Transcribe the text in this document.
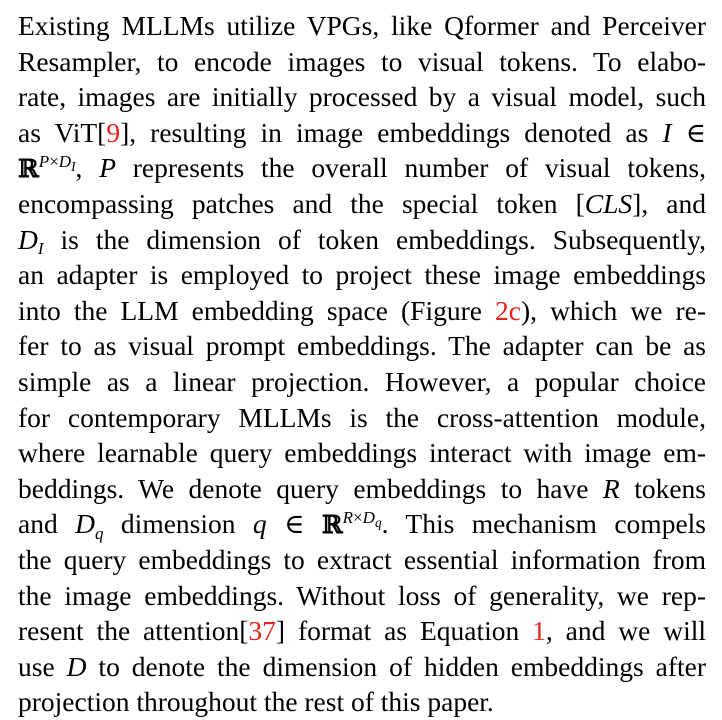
Existing MLLMs utilize VPGs, like Qformer and Perceiver
Resampler, to encode images to visual tokens. To elabo-
rate, images are initially processed by a visual model, such
as ViT[9], resulting in image embeddings denoted as I ∈
ℝ$^{P\times D_I}$, P represents the overall number of visual tokens,
encompassing patches and the special token [CLS], and
$D_I$ is the dimension of token embeddings. Subsequently,
an adapter is employed to project these image embeddings
into the LLM embedding space (Figure 2c), which we re-
fer to as visual prompt embeddings. The adapter can be as
simple as a linear projection. However, a popular choice
for contemporary MLLMs is the cross-attention module,
where learnable query embeddings interact with image em-
beddings. We denote query embeddings to have R tokens
and $D_q$ dimension q ∈ ℝ$^{R\times D_q}$. This mechanism compels
the query embeddings to extract essential information from
the image embeddings. Without loss of generality, we rep-
resent the attention[37] format as Equation 1, and we will
use D to denote the dimension of hidden embeddings after
projection throughout the rest of this paper.
